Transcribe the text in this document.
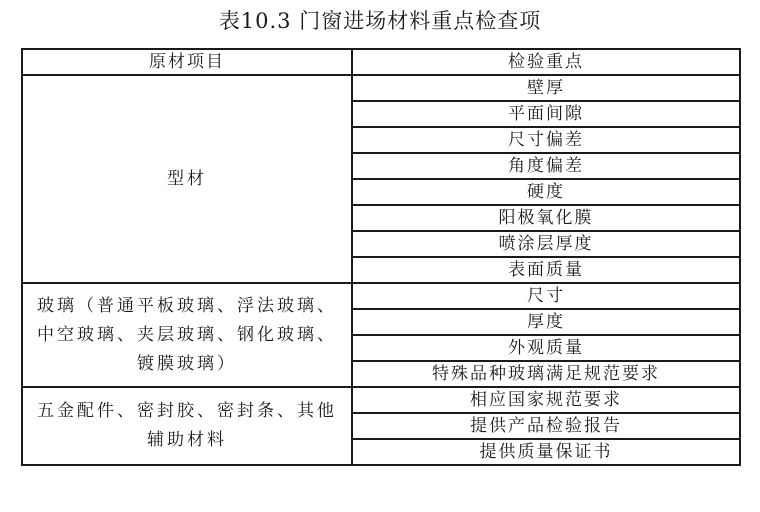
表10.3 门窗进场材料重点检查项
原材项目	检验重点
型材	壁厚
	平面间隙
	尺寸偏差
	角度偏差
	硬度
	阳极氧化膜
	喷涂层厚度
	表面质量
玻璃（普通平板玻璃、浮法玻璃、中空玻璃、夹层玻璃、钢化玻璃、镀膜玻璃）	尺寸
	厚度
	外观质量
	特殊品种玻璃满足规范要求
五金配件、密封胶、密封条、其他辅助材料	相应国家规范要求
	提供产品检验报告
	提供质量保证书
